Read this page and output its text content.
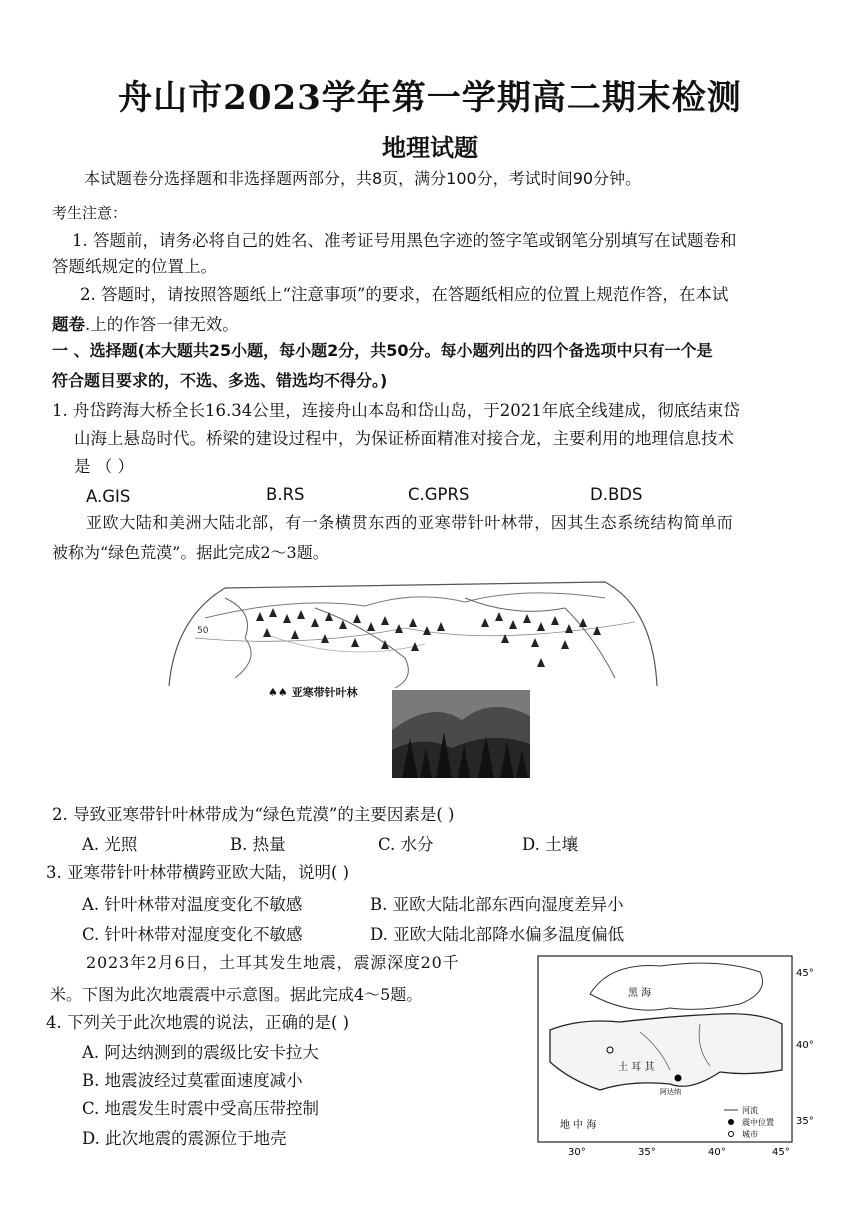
舟山市2023学年第一学期高二期末检测
地理试题
本试题卷分选择题和非选择题两部分，共8页，满分100分，考试时间90分钟。
考生注意：
1. 答题前，请务必将自己的姓名、准考证号用黑色字迹的签字笔或钢笔分别填写在试题卷和
答题纸规定的位置上。
2. 答题时，请按照答题纸上“注意事项”的要求，在答题纸相应的位置上规范作答，在本试
题卷.上的作答一律无效。
一 、选择题(本大题共25小题，每小题2分，共50分。每小题列出的四个备选项中只有一个是
符合题目要求的，不选、多选、错选均不得分。)
1. 舟岱跨海大桥全长16.34公里，连接舟山本岛和岱山岛，于2021年底全线建成，彻底结束岱
山海上悬岛时代。桥梁的建设过程中，为保证桥面精准对接合龙，主要利用的地理信息技术
是 （ ）
A.GIS	B.RS	C.GPRS	D.BDS
亚欧大陆和美洲大陆北部，有一条横贯东西的亚寒带针叶林带，因其生态系统结构简单而
被称为“绿色荒漠”。据此完成2～3题。
50
♠♠ 亚寒带针叶林
2. 导致亚寒带针叶林带成为“绿色荒漠”的主要因素是( )
A. 光照	B. 热量	C. 水分	D. 土壤
3. 亚寒带针叶林带横跨亚欧大陆，说明( )
A. 针叶林带对温度变化不敏感	B. 亚欧大陆北部东西向湿度差异小
C. 针叶林带对湿度变化不敏感	D. 亚欧大陆北部降水偏多温度偏低
2023年2月6日，土耳其发生地震，震源深度20千
米。下图为此次地震震中示意图。据此完成4～5题。
4. 下列关于此次地震的说法，正确的是( )
A. 阿达纳测到的震级比安卡拉大
B. 地震波经过莫霍面速度减小
C. 地震发生时震中受高压带控制
D. 此次地震的震源位于地壳
黑 海
土 耳 其
地 中 海
阿达纳
45°
40°
35°
30°	35°	40°	45°
河流
震中位置
城市
